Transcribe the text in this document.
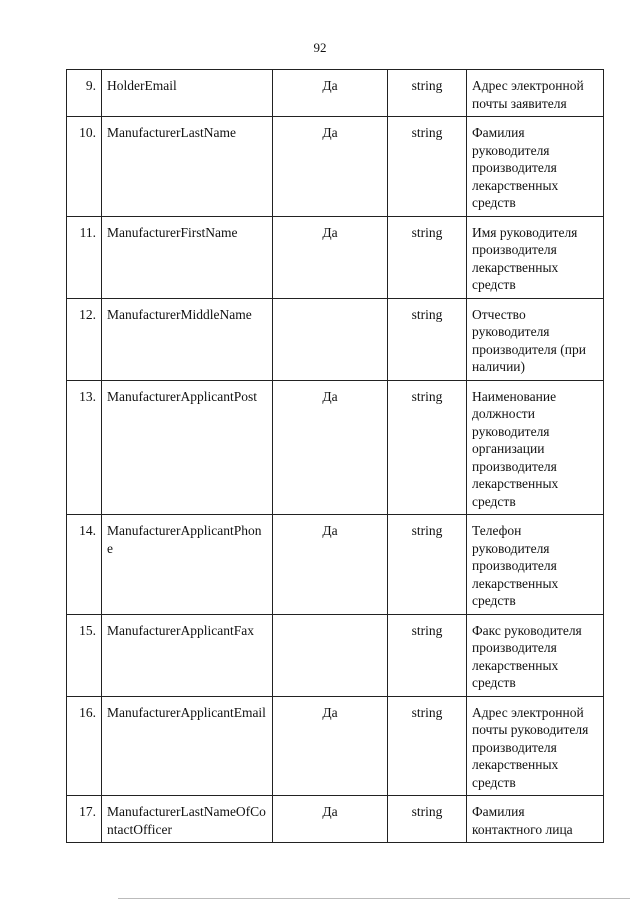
92
9.	HolderEmail	Да	string	Адрес электронной почты заявителя
10.	ManufacturerLastName	Да	string	Фамилия руководителя производителя лекарственных средств
11.	ManufacturerFirstName	Да	string	Имя руководителя производителя лекарственных средств
12.	ManufacturerMiddleName		string	Отчество руководителя производителя (при наличии)
13.	ManufacturerApplicantPost	Да	string	Наименование должности руководителя организации производителя лекарственных средств
14.	ManufacturerApplicantPhone	Да	string	Телефон руководителя производителя лекарственных средств
15.	ManufacturerApplicantFax		string	Факс руководителя производителя лекарственных средств
16.	ManufacturerApplicantEmail	Да	string	Адрес электронной почты руководителя производителя лекарственных средств
17.	ManufacturerLastNameOfContactOfficer	Да	string	Фамилия контактного лица
